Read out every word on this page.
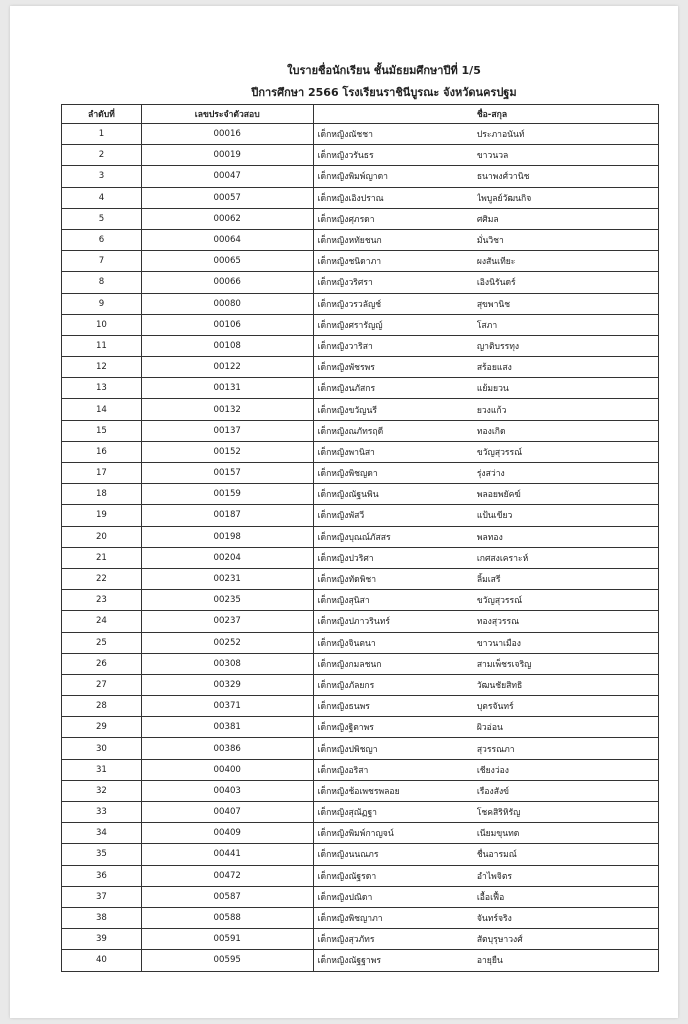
ใบรายชื่อนักเรียน ชั้นมัธยมศึกษาปีที่ 1/5
ปีการศึกษา 2566 โรงเรียนราชินีบูรณะ จังหวัดนครปฐม
ลำดับที่	เลขประจำตัวสอบ		ชื่อ-สกุล
1	00016	เด็กหญิงณัชชา	ประภาอนันท์
2	00019	เด็กหญิงวรันธร	ขาวนวล
3	00047	เด็กหญิงพิมพ์ญาดา	ธนาพงศ์วานิช
4	00057	เด็กหญิงเอิงปราณ	ไพบูลย์วัฒนกิจ
5	00062	เด็กหญิงศุภรดา	ศศิมล
6	00064	เด็กหญิงหทัยชนก	มั่นวิชา
7	00065	เด็กหญิงชนิดาภา	ผงสันเทียะ
8	00066	เด็กหญิงวริศรา	เอิงนิรันดร์
9	00080	เด็กหญิงวรวลัญช์	สุขพานิช
10	00106	เด็กหญิงศรารัญญ์	โสภา
11	00108	เด็กหญิงวาริสา	ญาติบรรทุง
12	00122	เด็กหญิงพัชรพร	สร้อยแสง
13	00131	เด็กหญิงนภัสกร	แย้มยวน
14	00132	เด็กหญิงขวัญนรี	ยวงแก้ว
15	00137	เด็กหญิงณภัทรฤดี	ทองเกิด
16	00152	เด็กหญิงพานิสา	ขวัญสุวรรณ์
17	00157	เด็กหญิงพิชญดา	รุ่งสว่าง
18	00159	เด็กหญิงณัฐนพิน	พลอยพยัคฆ์
19	00187	เด็กหญิงพัสวี	แป้นเขียว
20	00198	เด็กหญิงบุณณ์ภัสสร	พลทอง
21	00204	เด็กหญิงปวริศา	เกศสงเคราะห์
22	00231	เด็กหญิงทัดพิชา	ลิ้มเสรี
23	00235	เด็กหญิงสุนิสา	ขวัญสุวรรณ์
24	00237	เด็กหญิงปภาวรินทร์	ทองสุวรรณ
25	00252	เด็กหญิงจินตนา	ขาวนาเมือง
26	00308	เด็กหญิงกมลชนก	สามเพ็ชรเจริญ
27	00329	เด็กหญิงภัลยกร	วัฒนชัยสิทธิ
28	00371	เด็กหญิงธนพร	บุตรจันทร์
29	00381	เด็กหญิงฐิตาพร	ผิวอ่อน
30	00386	เด็กหญิงปพิชญา	สุวรรณภา
31	00400	เด็กหญิงอริสา	เชียงว่อง
32	00403	เด็กหญิงช้อเพชรพลอย	เรืองสังข์
33	00407	เด็กหญิงสุณัฏฐา	โชคสิริหิรัญ
34	00409	เด็กหญิงพิมพ์กาญจน์	เนียมขุนทด
35	00441	เด็กหญิงนนณภร	ชื่นอารมณ์
36	00472	เด็กหญิงณัฐรดา	อำไพจิตร
37	00587	เด็กหญิงปณิดา	เอื้อเฟื้อ
38	00588	เด็กหญิงพิชญาภา	จันทร์จริง
39	00591	เด็กหญิงสุวภัทร	สัตบุรุษาวงศ์
40	00595	เด็กหญิงณัฐฐาพร	อายุยืน
